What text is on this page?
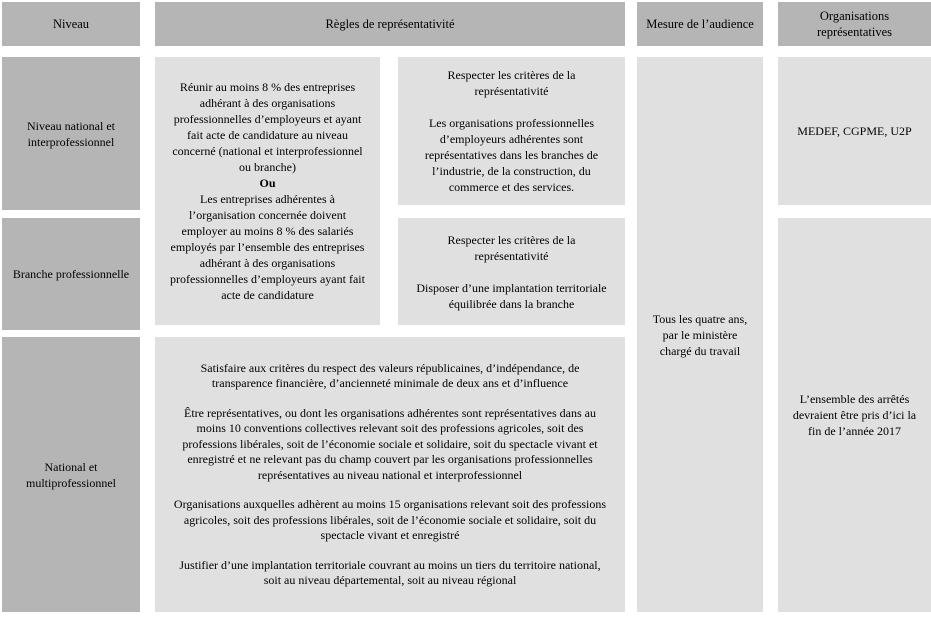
Niveau	Règles de représentativité	Mesure de l’audience
Organisations représentatives
Niveau national et interprofessionnel
Branche professionnelle
National et multiprofessionnel
Réunir au moins 8 % des entreprises adhérant à des organisations professionnelles d’employeurs et ayant fait acte de candidature au niveau concerné (national et interprofessionnel ou branche)
Ou
Les entreprises adhérentes à l’organisation concernée doivent employer au moins 8 % des salariés employés par l’ensemble des entreprises adhérant à des organisations professionnelles d’employeurs ayant fait acte de candidature
Respecter les critères de la représentativité
Les organisations professionnelles d’employeurs adhérentes sont représentatives dans les branches de l’industrie, de la construction, du commerce et des services.
Respecter les critères de la représentativité
Disposer d’une implantation territoriale équilibrée dans la branche
Satisfaire aux critères du respect des valeurs républicaines, d’indépendance, de transparence financière, d’ancienneté minimale de deux ans et d’influence
Être représentatives, ou dont les organisations adhérentes sont représentatives dans au moins 10 conventions collectives relevant soit des professions agricoles, soit des professions libérales, soit de l’économie sociale et solidaire, soit du spectacle vivant et enregistré et ne relevant pas du champ couvert par les organisations professionnelles représentatives au niveau national et interprofessionnel
Organisations auxquelles adhèrent au moins 15 organisations relevant soit des professions agricoles, soit des professions libérales, soit de l’économie sociale et solidaire, soit du spectacle vivant et enregistré
Justifier d’une implantation territoriale couvrant au moins un tiers du territoire national, soit au niveau départemental, soit au niveau régional
Tous les quatre ans, par le ministère chargé du travail
MEDEF, CGPME, U2P
L’ensemble des arrêtés devraient être pris d’ici la fin de l’année 2017
